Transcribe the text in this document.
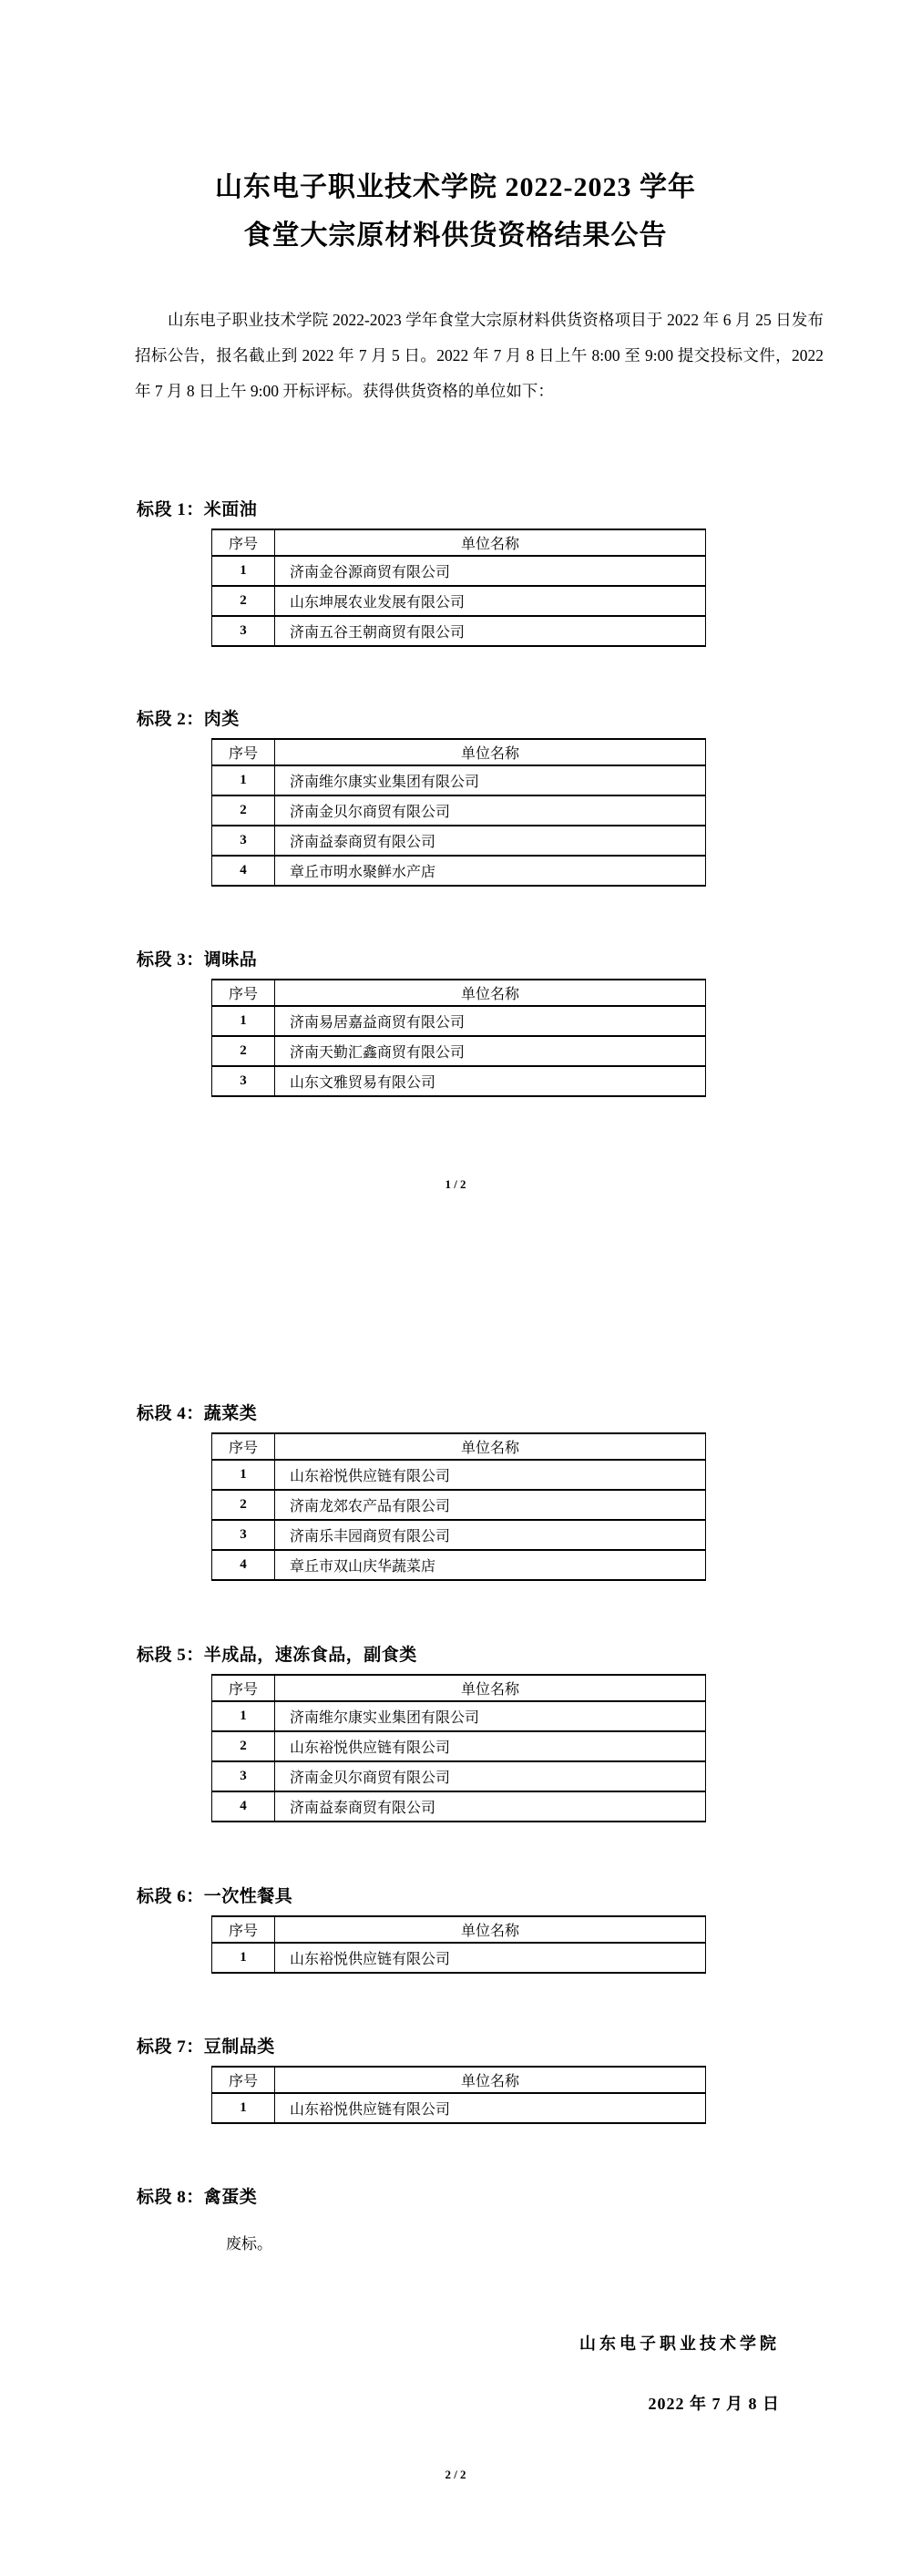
山东电子职业技术学院 2022-2023 学年
食堂大宗原材料供货资格结果公告

山东电子职业技术学院 2022-2023 学年食堂大宗原材料供货资格项目于 2022 年 6 月 25 日发布招标公告，报名截止到 2022 年 7 月 5 日。2022 年 7 月 8 日上午 8:00 至 9:00 提交投标文件，2022 年 7 月 8 日上午 9:00 开标评标。获得供货资格的单位如下：

标段 1：米面油
序号	单位名称
1	济南金谷源商贸有限公司
2	山东坤展农业发展有限公司
3	济南五谷王朝商贸有限公司
标段 2：肉类
序号	单位名称
1	济南维尔康实业集团有限公司
2	济南金贝尔商贸有限公司
3	济南益泰商贸有限公司
4	章丘市明水聚鲜水产店
标段 3：调味品
序号	单位名称
1	济南易居嘉益商贸有限公司
2	济南天勤汇鑫商贸有限公司
3	山东文雅贸易有限公司
标段 4：蔬菜类
序号	单位名称
1	山东裕悦供应链有限公司
2	济南龙郊农产品有限公司
3	济南乐丰园商贸有限公司
4	章丘市双山庆华蔬菜店
标段 5：半成品，速冻食品，副食类
序号	单位名称
1	济南维尔康实业集团有限公司
2	山东裕悦供应链有限公司
3	济南金贝尔商贸有限公司
4	济南益泰商贸有限公司
标段 6：一次性餐具
序号	单位名称
1	山东裕悦供应链有限公司
标段 7：豆制品类
序号	单位名称
1	山东裕悦供应链有限公司
标段 8：禽蛋类
废标。
1 / 2
2 / 2
山东电子职业技术学院
2022 年 7 月 8 日
